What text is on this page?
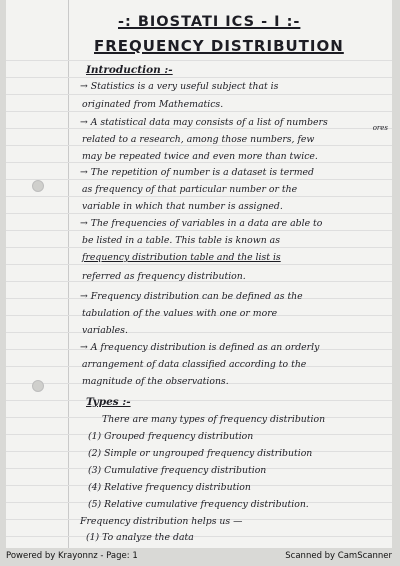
-: BIOSTATI ICS - I :-
FREQUENCY DISTRIBUTION
Introduction :-
→ Statistics is a very useful subject that is
originated from Mathematics.
→ A statistical data may consists of a list of numbers
related to a research, among those numbers, few
may be repeated twice and even more than twice.
→ The repetition of number is a dataset is termed
as frequency of that particular number or the
variable in which that number is assigned.
→ The frequencies of variables in a data are able to
be listed in a table. This table is known as
frequency distribution table and the list is
referred as frequency distribution.
ores
→ Frequency distribution can be defined as the
tabulation of the values with one or more
variables.
→ A frequency distribution is defined as an orderly
arrangement of data classified according to the
magnitude of the observations.
Types :-
There are many types of frequency distribution
(1) Grouped frequency distribution
(2) Simple or ungrouped frequency distribution
(3) Cumulative frequency distribution
(4) Relative frequency distribution
(5) Relative cumulative frequency distribution.
Frequency distribution helps us —
(1) To analyze the data
Powered by Krayonnz - Page: 1	Scanned by CamScanner
